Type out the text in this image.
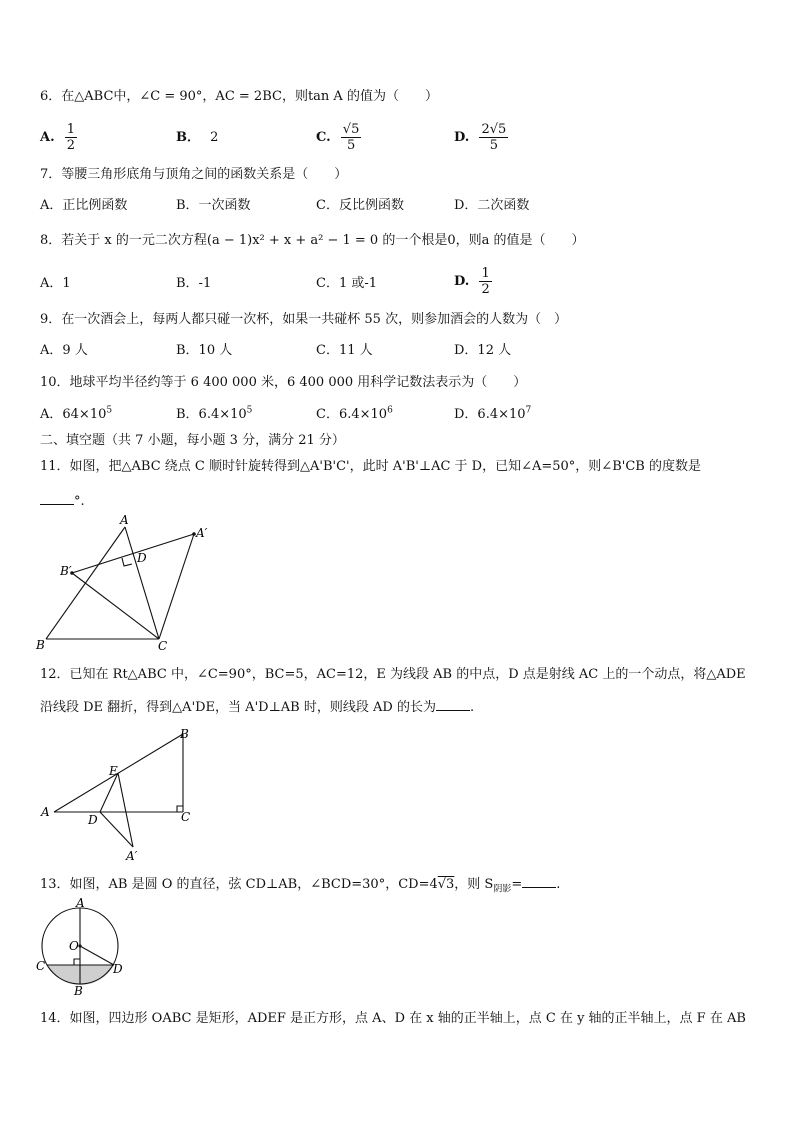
6．在△ABC中，∠C = 90°，AC = 2BC，则tan A 的值为（　　）
A. $\frac{1}{2}$	B． 2	C. $\frac{√5}{5}$	D. $\frac{2√5}{5}$
7．等腰三角形底角与顶角之间的函数关系是（　　）
A．正比例函数	B．一次函数	C．反比例函数	D．二次函数
8．若关于 x 的一元二次方程(a − 1)x² + x + a² − 1 = 0 的一个根是0，则a 的值是（　　）
A．1	B．-1	C．1 或-1	D. $\frac{1}{2}$
9．在一次酒会上，每两人都只碰一次杯，如果一共碰杯 55 次，则参加酒会的人数为（　）
A．9 人	B．10 人	C．11 人	D．12 人
10．地球平均半径约等于 6 400 000 米，6 400 000 用科学记数法表示为（　　）
A．$64\times 10^5$	B．$6.4\times 10^5$	C．$6.4\times 10^6$	D．$6.4\times 10^7$
二、填空题（共 7 小题，每小题 3 分，满分 21 分）
11．如图，把△ABC 绕点 C 顺时针旋转得到△A'B'C'，此时 A'B'⊥AC 于 D，已知∠A=50°，则∠B'CB 的度数是
°.
A
A′
B′
D
B	C
12．已知在 Rt△ABC 中，∠C=90°，BC=5，AC=12，E 为线段 AB 的中点，D 点是射线 AC 上的一个动点，将△ADE
沿线段 DE 翻折，得到△A'DE，当 A'D⊥AB 时，则线段 AD 的长为	.
A
B
C
D
E
A′
13．如图，AB 是圆 O 的直径，弦 CD⊥AB，∠BCD=30°，CD=4√3，则 $S_{阴影}=$	.
A
O
C	D
B
14．如图，四边形 OABC 是矩形，ADEF 是正方形，点 A、D 在 x 轴的正半轴上，点 C 在 y 轴的正半轴上，点 F 在 AB
